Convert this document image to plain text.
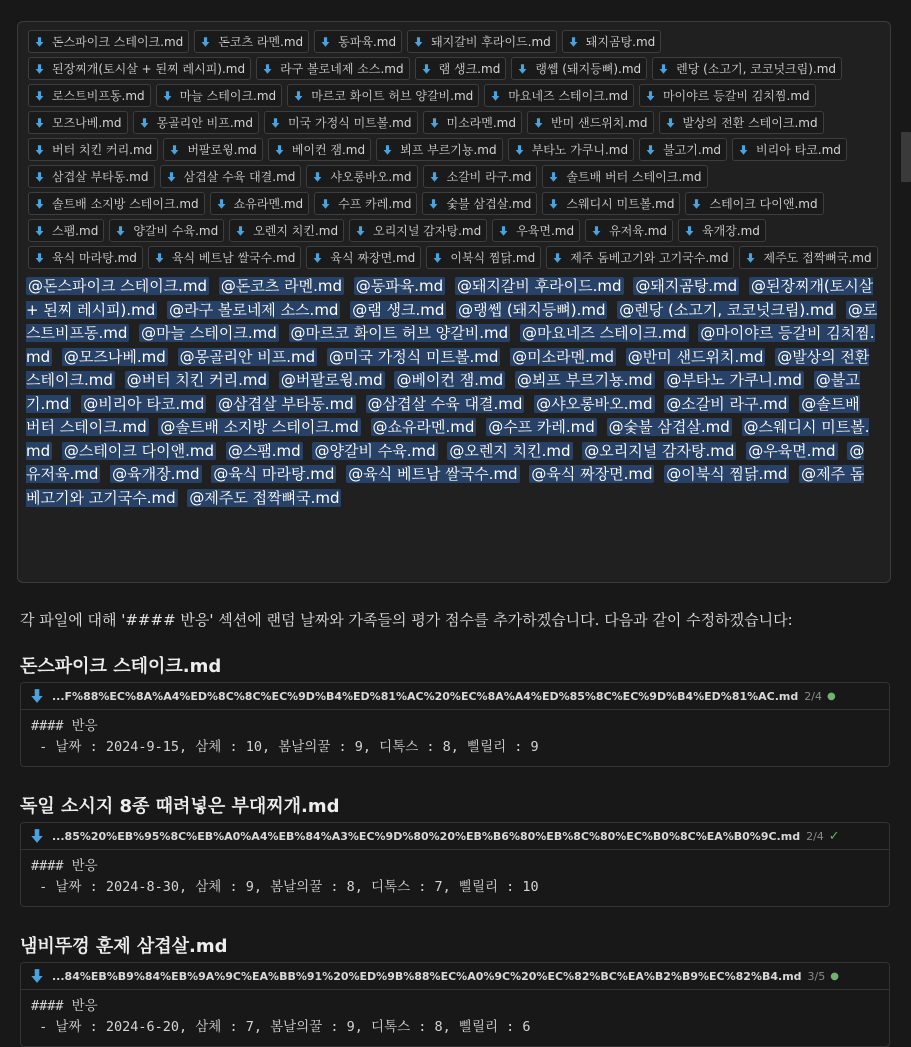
돈스파이크 스테이크.md	돈코츠 라멘.md	동파육.md	돼지갈비 후라이드.md	돼지곰탕.md
된장찌개(토시살 + 된찌 레시피).md	라구 볼로네제 소스.md	램 생크.md	랭쎕 (돼지등뼈).md	렌당 (소고기, 코코넛크림).md
로스트비프동.md	마늘 스테이크.md	마르코 화이트 허브 양갈비.md	마요네즈 스테이크.md	마이야르 등갈비 김치찜.md
모즈나베.md	몽골리안 비프.md	미국 가정식 미트볼.md	미소라멘.md	반미 샌드위치.md	발상의 전환 스테이크.md
버터 치킨 커리.md	버팔로윙.md	베이컨 잼.md	뵈프 부르기뇽.md	부타노 가쿠니.md	불고기.md	비리아 타코.md
삼겹살 부타동.md	삼겹살 수육 대결.md	샤오롱바오.md	소갈비 라구.md	솔트배 버터 스테이크.md
솔트배 소지방 스테이크.md	쇼유라멘.md	수프 카레.md	숯불 삼겹살.md	스웨디시 미트볼.md	스테이크 다이앤.md
스팸.md	양갈비 수육.md	오렌지 치킨.md	오리지널 감자탕.md	우육면.md	유저육.md	육개장.md
육식 마라탕.md	육식 베트남 쌀국수.md	육식 짜장면.md	이북식 찜닭.md	제주 돔베고기와 고기국수.md	제주도 접짝뼈국.md
@돈스파이크 스테이크.md @돈코츠 라멘.md @동파육.md @돼지갈비 후라이드.md @돼지곰탕.md @된장찌개(토시살 + 된찌 레시피).md @라구 볼로네제 소스.md @램 생크.md @랭쎕 (돼지등뼈).md @렌당 (소고기, 코코넛크림).md @로스트비프동.md @마늘 스테이크.md @마르코 화이트 허브 양갈비.md @마요네즈 스테이크.md @마이야르 등갈비 김치찜.md @모즈나베.md @몽골리안 비프.md @미국 가정식 미트볼.md @미소라멘.md @반미 샌드위치.md @발상의 전환 스테이크.md @버터 치킨 커리.md @버팔로윙.md @베이컨 잼.md @뵈프 부르기뇽.md @부타노 가쿠니.md @불고기.md @비리아 타코.md @삼겹살 부타동.md @삼겹살 수육 대결.md @샤오롱바오.md @소갈비 라구.md @솔트배 버터 스테이크.md @솔트배 소지방 스테이크.md @쇼유라멘.md @수프 카레.md @숯불 삼겹살.md @스웨디시 미트볼.md @스테이크 다이앤.md @스팸.md @양갈비 수육.md @오렌지 치킨.md @오리지널 감자탕.md @우육면.md @유저육.md @육개장.md @육식 마라탕.md @육식 베트남 쌀국수.md @육식 짜장면.md @이북식 찜닭.md @제주 돔베고기와 고기국수.md @제주도 접짝뼈국.md
각 파일에 대해 '#### 반응' 섹션에 랜덤 날짜와 가족들의 평가 점수를 추가하겠습니다. 다음과 같이 수정하겠습니다:
돈스파이크 스테이크.md
...F%88%EC%8A%A4%ED%8C%8C%EC%9D%B4%ED%81%AC%20%EC%8A%A4%ED%85%8C%EC%9D%B4%ED%81%AC.md 2/4 ●
#### 반응
- 날짜 : 2024-9-15, 삼체 : 10, 봄날의꿀 : 9, 디톡스 : 8, 삘릴리 : 9
독일 소시지 8종 때려넣은 부대찌개.md
...85%20%EB%95%8C%EB%A0%A4%EB%84%A3%EC%9D%80%20%EB%B6%80%EB%8C%80%EC%B0%8C%EA%B0%9C.md 2/4 ✓
#### 반응
- 날짜 : 2024-8-30, 삼체 : 9, 봄날의꿀 : 8, 디톡스 : 7, 삘릴리 : 10
냄비뚜껑 훈제 삼겹살.md
...84%EB%B9%84%EB%9A%9C%EA%BB%91%20%ED%9B%88%EC%A0%9C%20%EC%82%BC%EA%B2%B9%EC%82%B4.md 3/5 ●
#### 반응
- 날짜 : 2024-6-20, 삼체 : 7, 봄날의꿀 : 9, 디톡스 : 8, 삘릴리 : 6
